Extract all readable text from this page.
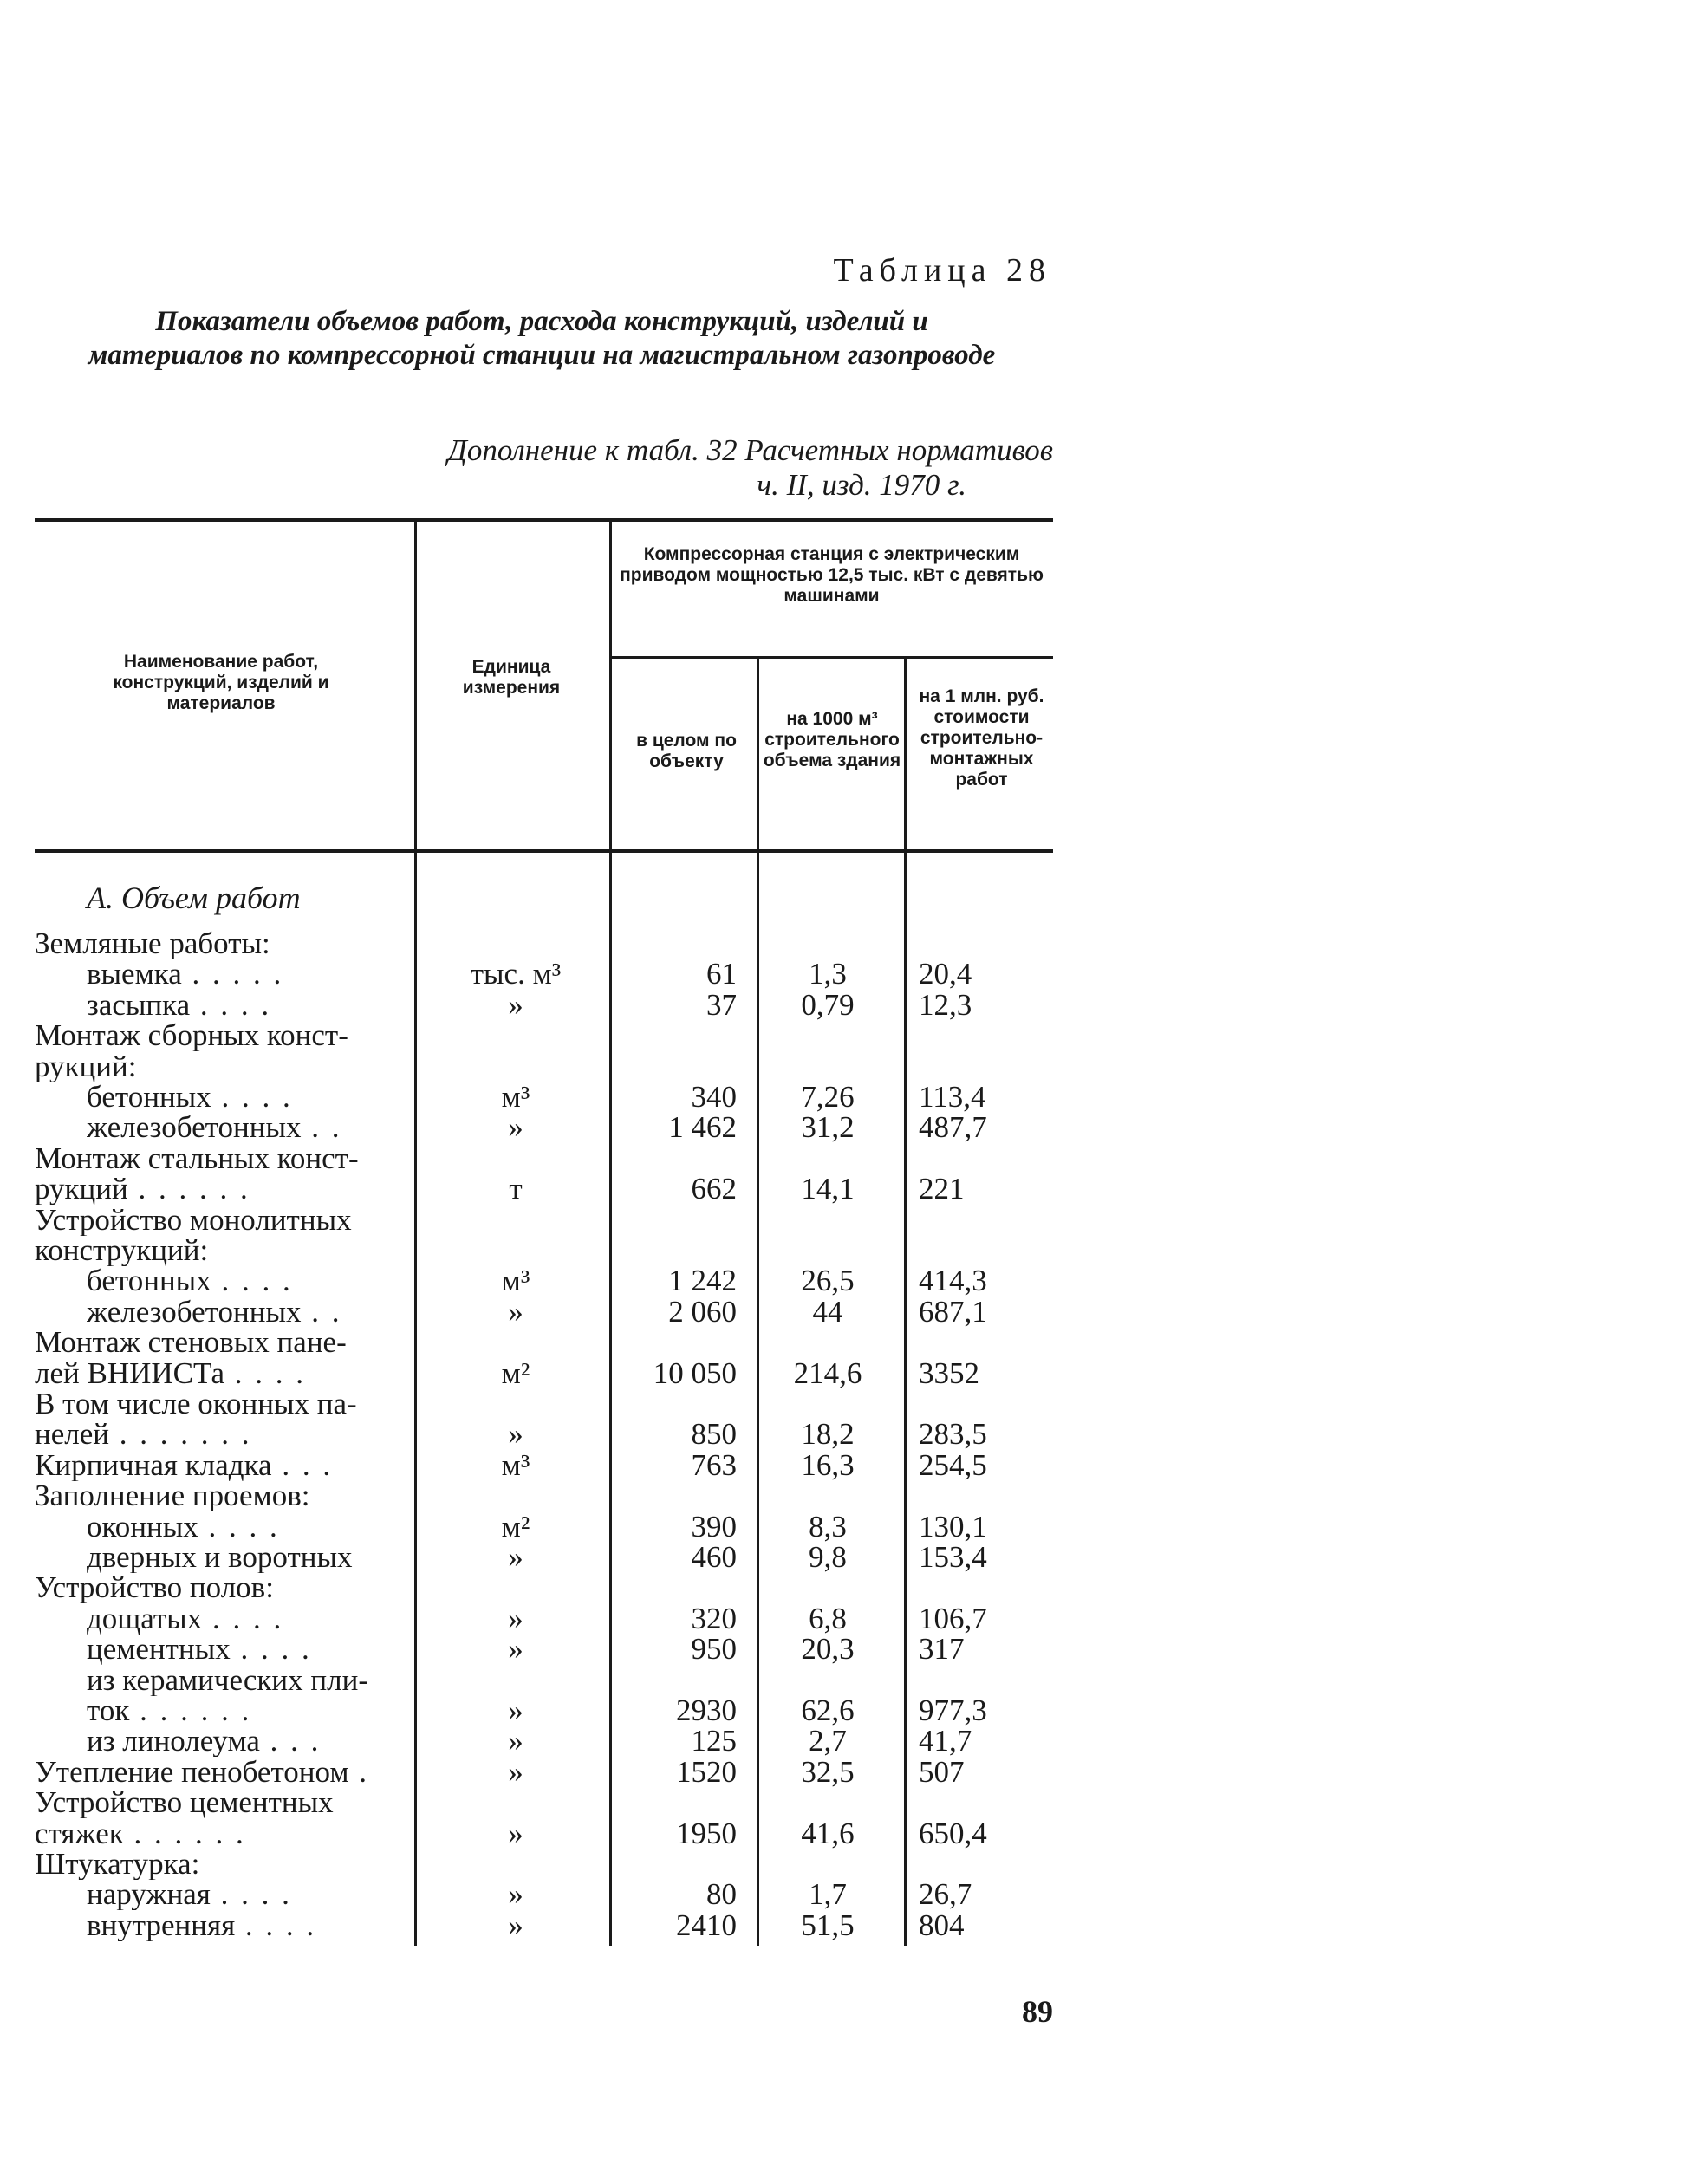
Таблица 28
Показатели объемов работ, расхода конструкций, изделий и материалов по компрессорной станции на магистральном газопроводе
Дополнение к табл. 32 Расчетных нормативов
ч. II, изд. 1970 г.
Наименование работ, конструкций, изделий и материалов
Единица измерения
Компрессорная станция с электрическим приводом мощностью 12,5 тыс. кВт с девятью машинами
в целом по объекту
на 1000 м³ строительного объема здания
на 1 млн. руб. стоимости строительно-монтажных работ
А. Объем работ
Земляные работы:
выемка . . . . .	тыс. м³	61	1,3	20,4
засыпка . . . .	»	37	0,79	12,3
Монтаж сборных конст-
рукций:
бетонных . . . .	м³	340	7,26	113,4
железобетонных . .	»	1 462	31,2	487,7
Монтаж стальных конст-
рукций . . . . . .	т	662	14,1	221
Устройство монолитных
конструкций:
бетонных . . . .	м³	1 242	26,5	414,3
железобетонных . .	»	2 060	44	687,1
Монтаж стеновых пане-
лей ВНИИСТа . . . .	м²	10 050	214,6	3352
В том числе оконных па-
нелей . . . . . . .	»	850	18,2	283,5
Кирпичная кладка . . .	м³	763	16,3	254,5
Заполнение проемов:
оконных . . . .	м²	390	8,3	130,1
дверных и воротных	»	460	9,8	153,4
Устройство полов:
дощатых . . . .	»	320	6,8	106,7
цементных . . . .	»	950	20,3	317
из керамических пли-
ток . . . . . .	»	2930	62,6	977,3
из линолеума . . .	»	125	2,7	41,7
Утепление пенобетоном .	»	1520	32,5	507
Устройство цементных
стяжек . . . . . .	»	1950	41,6	650,4
Штукатурка:
наружная . . . .	»	80	1,7	26,7
внутренняя . . . .	»	2410	51,5	804
89
